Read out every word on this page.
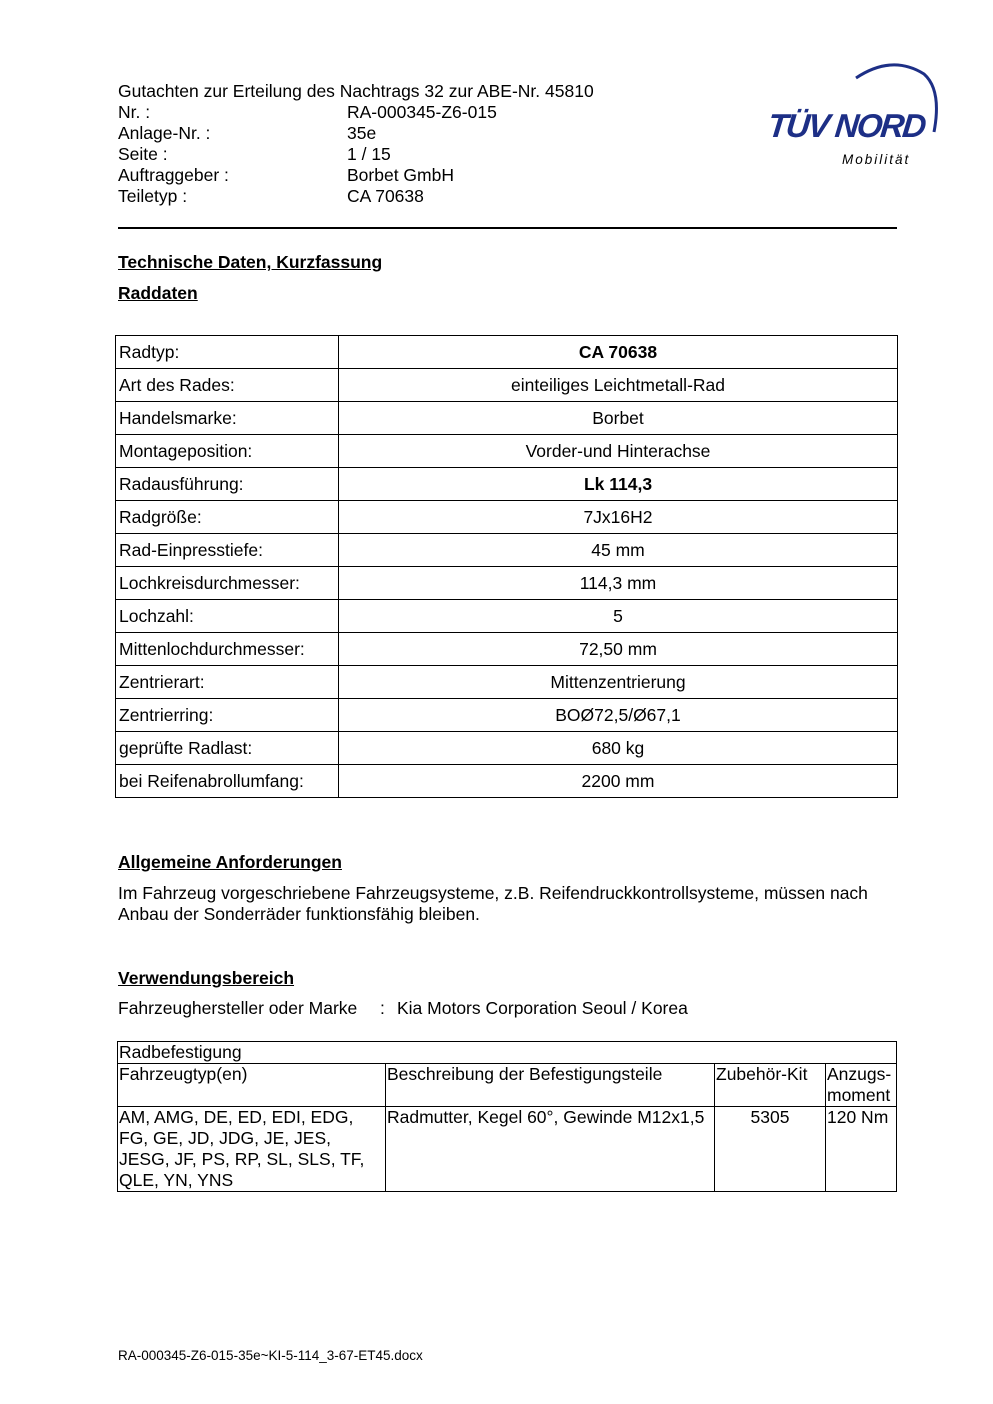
Gutachten zur Erteilung des Nachtrags 32 zur ABE-Nr. 45810
Nr. :	RA-000345-Z6-015
Anlage-Nr. :	35e
Seite :	1 / 15
Auftraggeber :	Borbet GmbH
Teiletyp :	CA 70638
TÜV NORD
Mobilität
Technische Daten, Kurzfassung
Raddaten
Radtyp:	CA 70638
Art des Rades:	einteiliges Leichtmetall-Rad
Handelsmarke:	Borbet
Montageposition:	Vorder-und Hinterachse
Radausführung:	Lk 114,3
Radgröße:	7Jx16H2
Rad-Einpresstiefe:	45 mm
Lochkreisdurchmesser:	114,3 mm
Lochzahl:	5
Mittenlochdurchmesser:	72,50 mm
Zentrierart:	Mittenzentrierung
Zentrierring:	BOØ72,5/Ø67,1
geprüfte Radlast:	680 kg
bei Reifenabrollumfang:	2200 mm
Allgemeine Anforderungen
Im Fahrzeug vorgeschriebene Fahrzeugsysteme, z.B. Reifendruckkontrollsysteme, müssen nach Anbau der Sonderräder funktionsfähig bleiben.
Verwendungsbereich
Fahrzeughersteller oder Marke : Kia Motors Corporation Seoul / Korea
Radbefestigung			
Fahrzeugtyp(en)	Beschreibung der Befestigungsteile	Zubehör-Kit	Anzugs-moment
AM, AMG, DE, ED, EDI, EDG, FG, GE, JD, JDG, JE, JES, JESG, JF, PS, RP, SL, SLS, TF, QLE, YN, YNS	Radmutter, Kegel 60°, Gewinde M12x1,5	5305	120 Nm
RA-000345-Z6-015-35e~KI-5-114_3-67-ET45.docx
